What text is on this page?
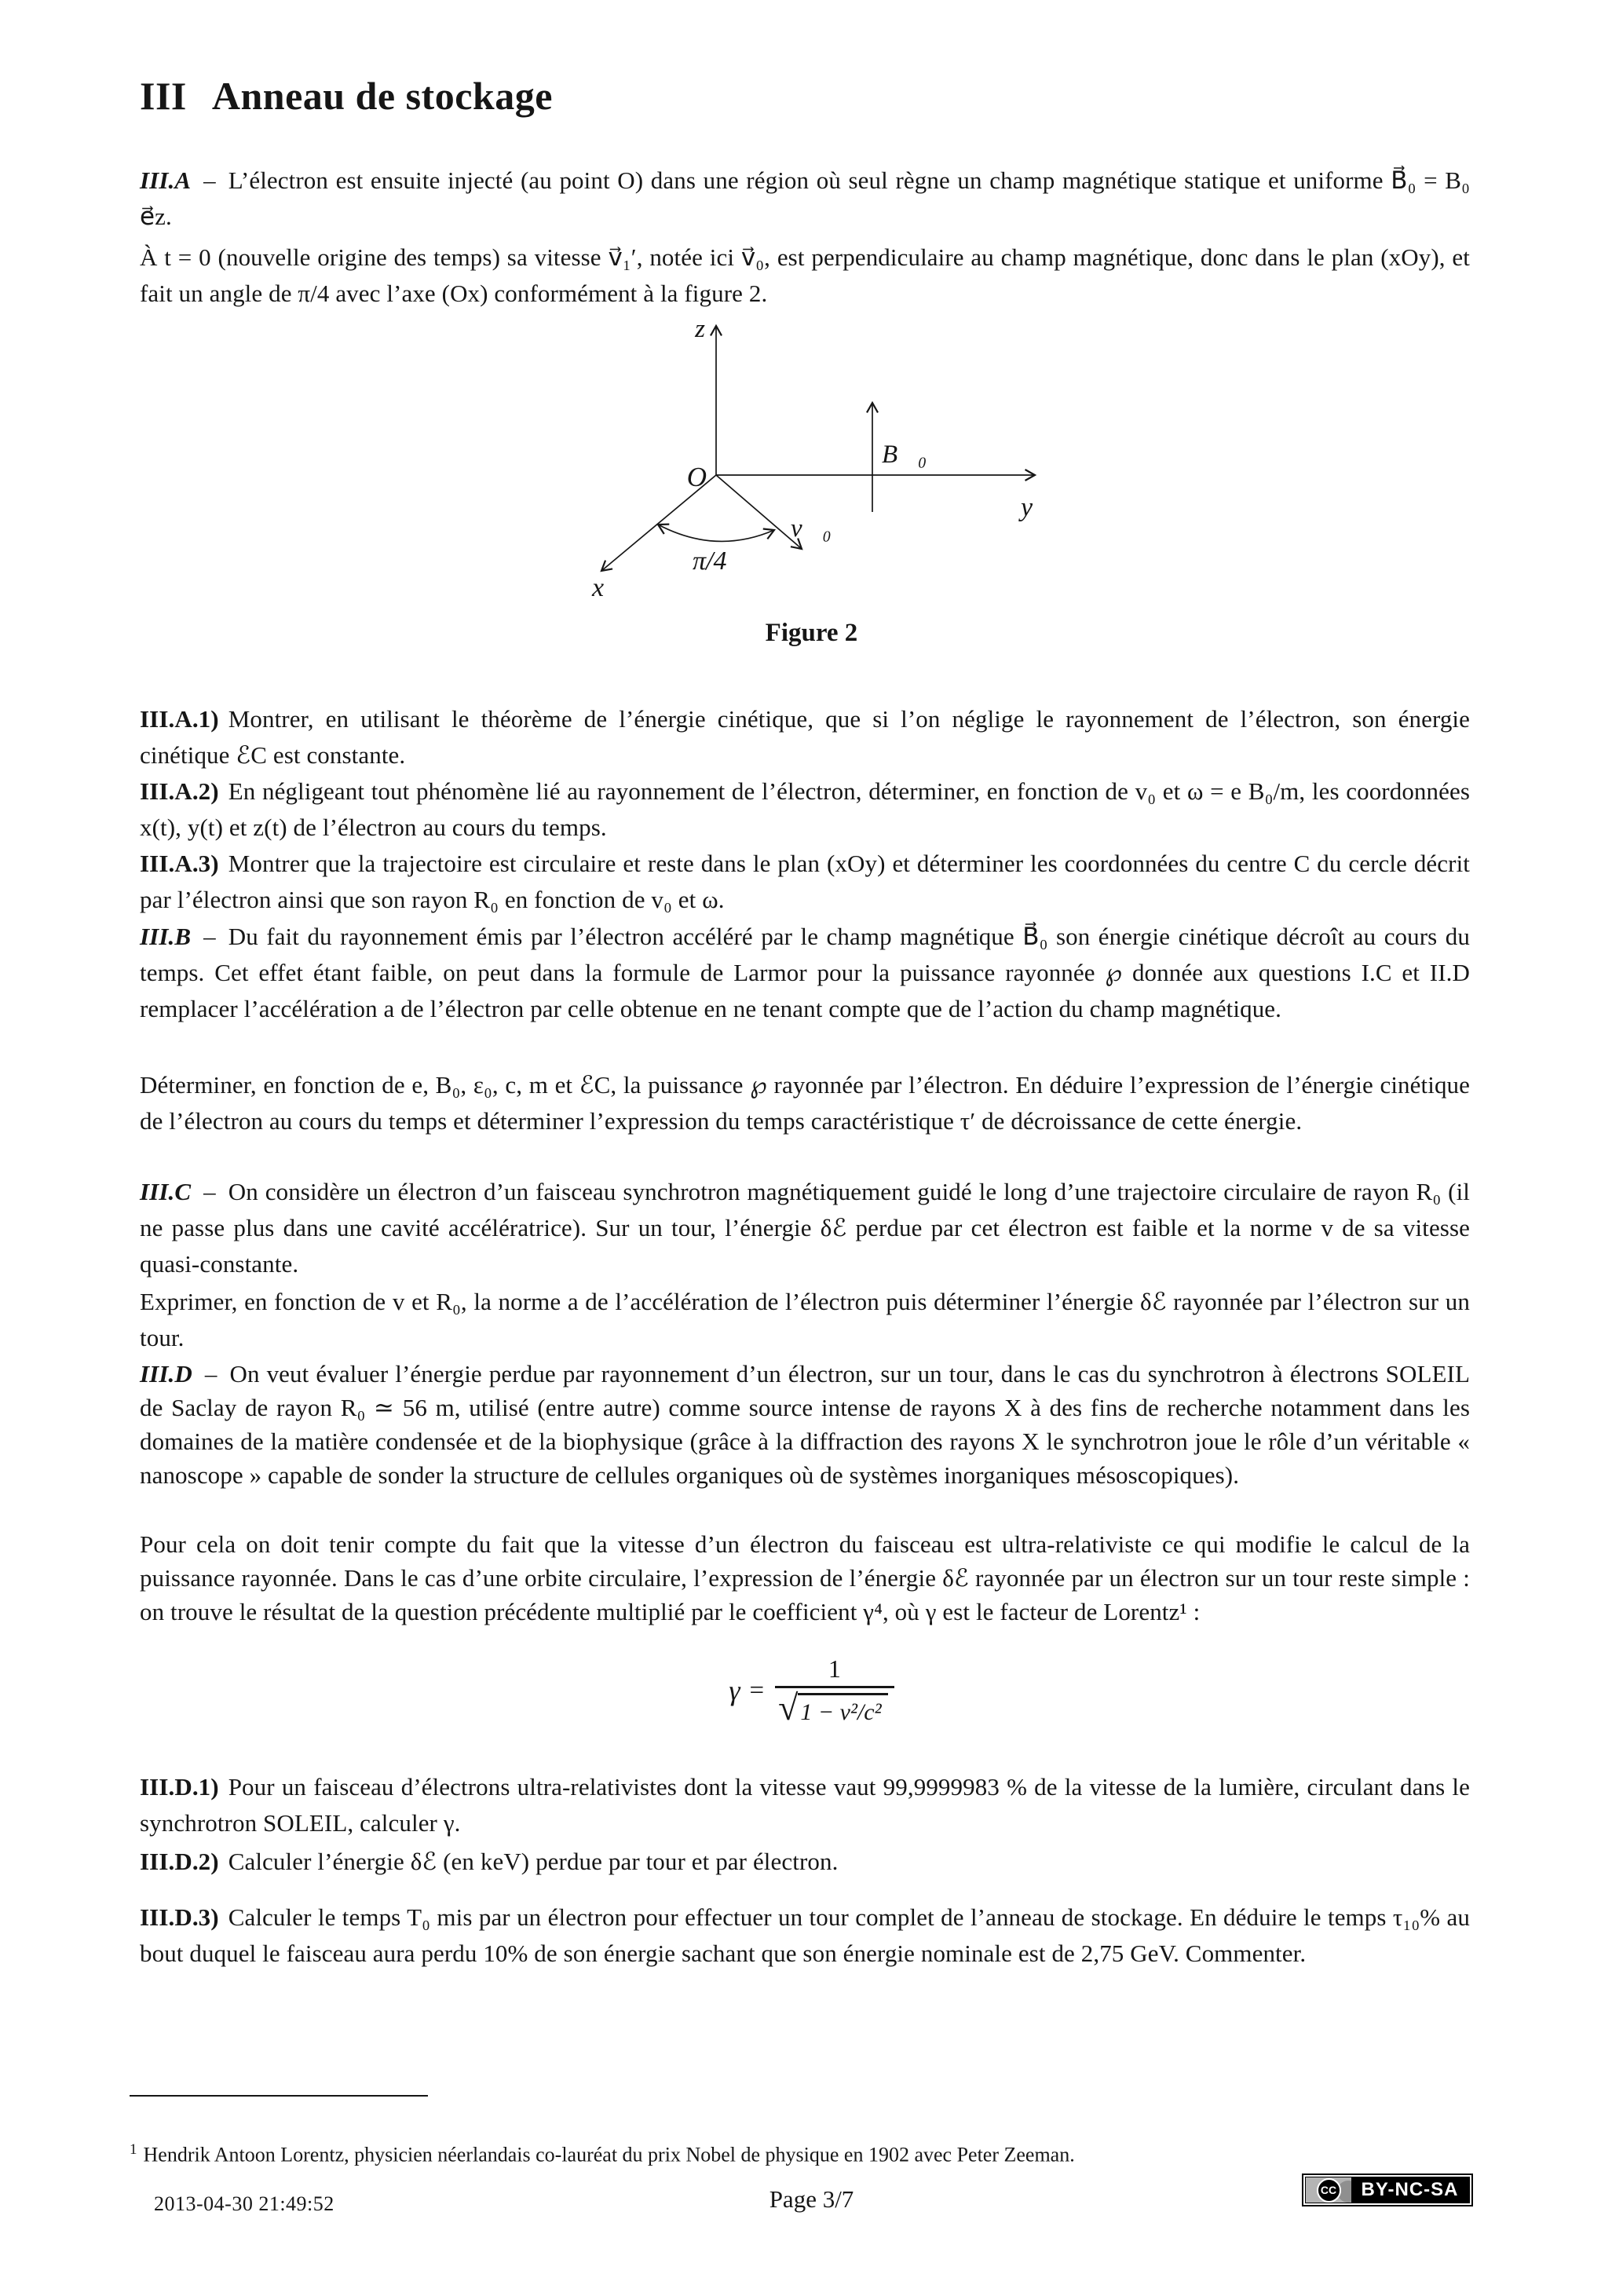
III Anneau de stockage

III.A – L’électron est ensuite injecté (au point O) dans une région où seul règne un champ magnétique statique et uniforme B⃗₀ = B₀ e⃗z.

À t = 0 (nouvelle origine des temps) sa vitesse v⃗₁′, notée ici v⃗₀, est perpendiculaire au champ magnétique, donc dans le plan (xOy), et fait un angle de π/4 avec l’axe (Ox) conformément à la figure 2.

z
y
x
O
B⃗₀
v⃗₀
π/4
Figure 2

III.A.1) Montrer, en utilisant le théorème de l’énergie cinétique, que si l’on néglige le rayonnement de l’électron, son énergie cinétique ℰC est constante.

III.A.2) En négligeant tout phénomène lié au rayonnement de l’électron, déterminer, en fonction de v₀ et ω = e B₀/m, les coordonnées x(t), y(t) et z(t) de l’électron au cours du temps.

III.A.3) Montrer que la trajectoire est circulaire et reste dans le plan (xOy) et déterminer les coordonnées du centre C du cercle décrit par l’électron ainsi que son rayon R₀ en fonction de v₀ et ω.

III.B – Du fait du rayonnement émis par l’électron accéléré par le champ magnétique B⃗₀ son énergie cinétique décroît au cours du temps. Cet effet étant faible, on peut dans la formule de Larmor pour la puissance rayonnée ℘ donnée aux questions I.C et II.D remplacer l’accélération a de l’électron par celle obtenue en ne tenant compte que de l’action du champ magnétique.

Déterminer, en fonction de e, B₀, ε₀, c, m et ℰC, la puissance ℘ rayonnée par l’électron. En déduire l’expression de l’énergie cinétique de l’électron au cours du temps et déterminer l’expression du temps caractéristique τ′ de décroissance de cette énergie.

III.C – On considère un électron d’un faisceau synchrotron magnétiquement guidé le long d’une trajectoire circulaire de rayon R₀ (il ne passe plus dans une cavité accélératrice). Sur un tour, l’énergie δℰ perdue par cet électron est faible et la norme v de sa vitesse quasi-constante.

Exprimer, en fonction de v et R₀, la norme a de l’accélération de l’électron puis déterminer l’énergie δℰ rayonnée par l’électron sur un tour.

III.D – On veut évaluer l’énergie perdue par rayonnement d’un électron, sur un tour, dans le cas du synchrotron à électrons SOLEIL de Saclay de rayon R₀ ≃ 56 m, utilisé (entre autre) comme source intense de rayons X à des fins de recherche notamment dans les domaines de la matière condensée et de la biophysique (grâce à la diffraction des rayons X le synchrotron joue le rôle d’un véritable « nanoscope » capable de sonder la structure de cellules organiques où de systèmes inorganiques mésoscopiques).

Pour cela on doit tenir compte du fait que la vitesse d’un électron du faisceau est ultra-relativiste ce qui modifie le calcul de la puissance rayonnée. Dans le cas d’une orbite circulaire, l’expression de l’énergie δℰ rayonnée par un électron sur un tour reste simple : on trouve le résultat de la question précédente multiplié par le coefficient γ⁴, où γ est le facteur de Lorentz¹ :

$\gamma = \frac{1}{\text{√ 1 − v²/c²}}$

III.D.1) Pour un faisceau d’électrons ultra-relativistes dont la vitesse vaut 99,9999983 % de la vitesse de la lumière, circulant dans le synchrotron SOLEIL, calculer γ.

III.D.2) Calculer l’énergie δℰ (en keV) perdue par tour et par électron.

III.D.3) Calculer le temps T₀ mis par un électron pour effectuer un tour complet de l’anneau de stockage. En déduire le temps τ₁₀% au bout duquel le faisceau aura perdu 10% de son énergie sachant que son énergie nominale est de 2,75 GeV. Commenter.

$^1$ Hendrik Antoon Lorentz, physicien néerlandais co-lauréat du prix Nobel de physique en 1902 avec Peter Zeeman.

2013-04-30 21:49:52	Page 3/7	CC	BY-NC-SA
